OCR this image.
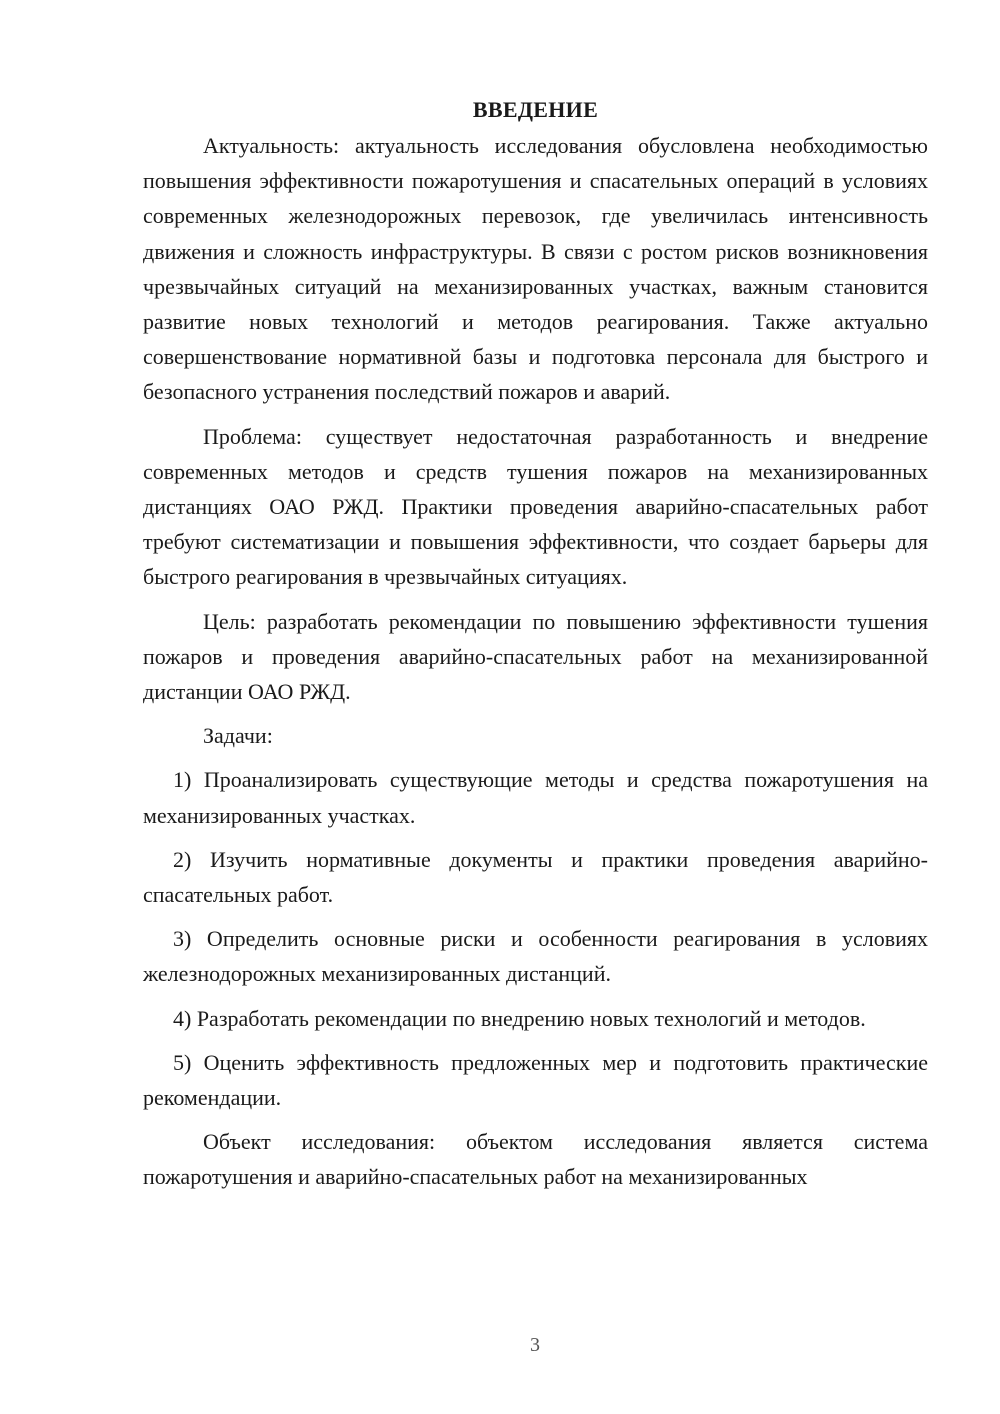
ВВЕДЕНИЕ

Актуальность: актуальность исследования обусловлена необходимостью повышения эффективности пожаротушения и спасательных операций в условиях современных железнодорожных перевозок, где увеличилась интенсивность движения и сложность инфраструктуры. В связи с ростом рисков возникновения чрезвычайных ситуаций на механизированных участках, важным становится развитие новых технологий и методов реагирования. Также актуально совершенствование нормативной базы и подготовка персонала для быстрого и безопасного устранения последствий пожаров и аварий.

Проблема: существует недостаточная разработанность и внедрение современных методов и средств тушения пожаров на механизированных дистанциях ОАО РЖД. Практики проведения аварийно-спасательных работ требуют систематизации и повышения эффективности, что создает барьеры для быстрого реагирования в чрезвычайных ситуациях.

Цель: разработать рекомендации по повышению эффективности тушения пожаров и проведения аварийно-спасательных работ на механизированной дистанции ОАО РЖД.

Задачи:

1) Проанализировать существующие методы и средства пожаротушения на механизированных участках.

2) Изучить нормативные документы и практики проведения аварийно-спасательных работ.

3) Определить основные риски и особенности реагирования в условиях железнодорожных механизированных дистанций.

4) Разработать рекомендации по внедрению новых технологий и методов.

5) Оценить эффективность предложенных мер и подготовить практические рекомендации.

Объект исследования: объектом исследования является система пожаротушения и аварийно-спасательных работ на механизированных

3
